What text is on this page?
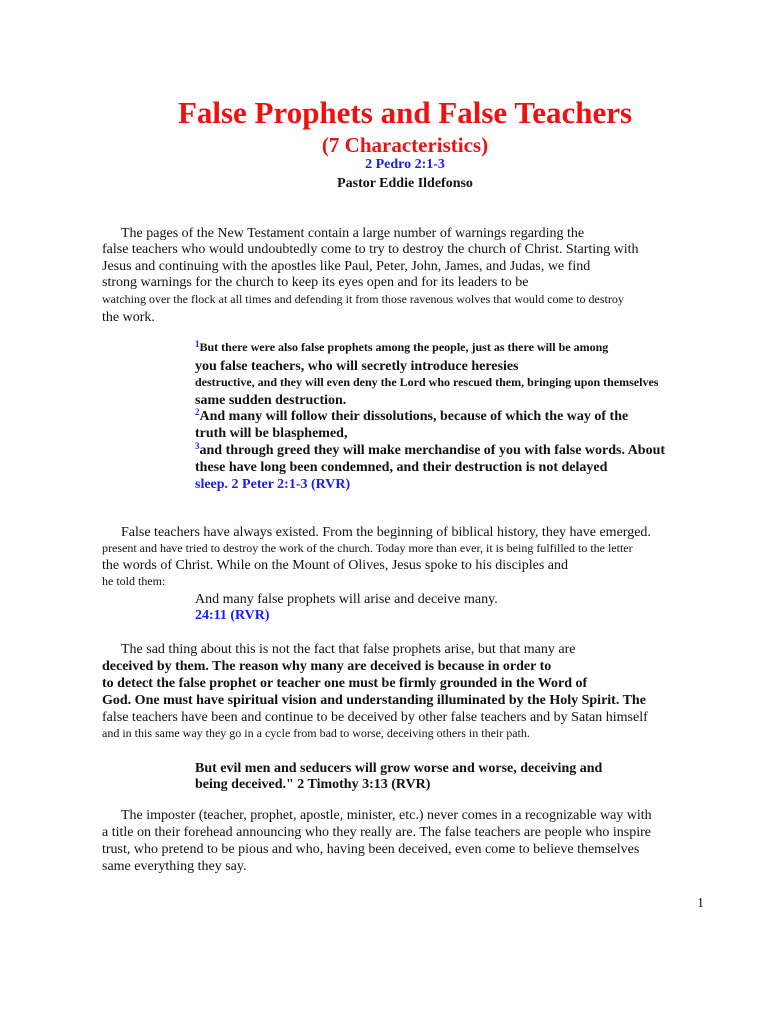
False Prophets and False Teachers
(7 Characteristics)
2 Pedro 2:1-3
Pastor Eddie Ildefonso
The pages of the New Testament contain a large number of warnings regarding the
false teachers who would undoubtedly come to try to destroy the church of Christ. Starting with
Jesus and continuing with the apostles like Paul, Peter, John, James, and Judas, we find
strong warnings for the church to keep its eyes open and for its leaders to be
watching over the flock at all times and defending it from those ravenous wolves that would come to destroy
the work.
$^1$But there were also false prophets among the people, just as there will be among
you false teachers, who will secretly introduce heresies
destructive, and they will even deny the Lord who rescued them, bringing upon themselves
same sudden destruction.
$^2$And many will follow their dissolutions, because of which the way of the
truth will be blasphemed,
$^3$and through greed they will make merchandise of you with false words. About
these have long been condemned, and their destruction is not delayed
sleep. 2 Peter 2:1-3 (RVR)
False teachers have always existed. From the beginning of biblical history, they have emerged.
present and have tried to destroy the work of the church. Today more than ever, it is being fulfilled to the letter
the words of Christ. While on the Mount of Olives, Jesus spoke to his disciples and
he told them:
And many false prophets will arise and deceive many.
24:11 (RVR)
The sad thing about this is not the fact that false prophets arise, but that many are
deceived by them. The reason why many are deceived is because in order to
to detect the false prophet or teacher one must be firmly grounded in the Word of
God. One must have spiritual vision and understanding illuminated by the Holy Spirit. The
false teachers have been and continue to be deceived by other false teachers and by Satan himself
and in this same way they go in a cycle from bad to worse, deceiving others in their path.
But evil men and seducers will grow worse and worse, deceiving and
being deceived." 2 Timothy 3:13 (RVR)
The imposter (teacher, prophet, apostle, minister, etc.) never comes in a recognizable way with
a title on their forehead announcing who they really are. The false teachers are people who inspire
trust, who pretend to be pious and who, having been deceived, even come to believe themselves
same everything they say.
1
